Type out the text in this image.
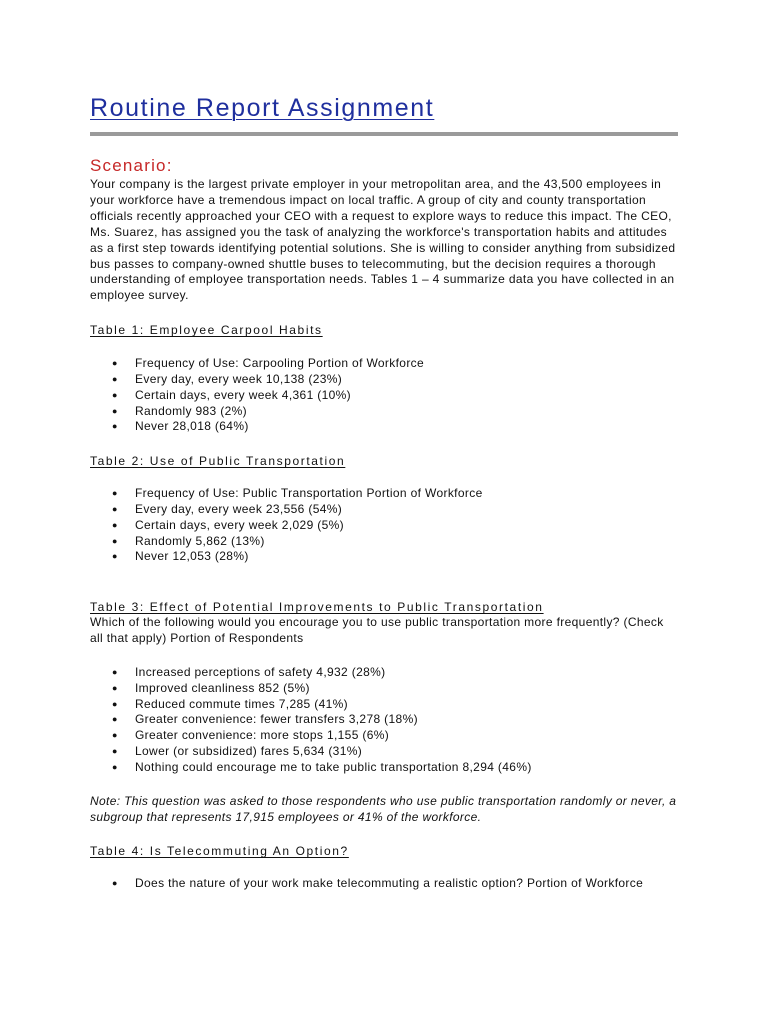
Routine Report Assignment
Scenario:

Your company is the largest private employer in your metropolitan area, and the 43,500 employees in your workforce have a tremendous impact on local traffic. A group of city and county transportation officials recently approached your CEO with a request to explore ways to reduce this impact. The CEO, Ms. Suarez, has assigned you the task of analyzing the workforce's transportation habits and attitudes as a first step towards identifying potential solutions. She is willing to consider anything from subsidized bus passes to company-owned shuttle buses to telecommuting, but the decision requires a thorough understanding of employee transportation needs. Tables 1 – 4 summarize data you have collected in an employee survey.

Table 1: Employee Carpool Habits

● Frequency of Use: Carpooling Portion of Workforce
● Every day, every week 10,138 (23%)
● Certain days, every week 4,361 (10%)
● Randomly 983 (2%)
● Never 28,018 (64%)

Table 2: Use of Public Transportation

● Frequency of Use: Public Transportation Portion of Workforce
● Every day, every week 23,556 (54%)
● Certain days, every week 2,029 (5%)
● Randomly 5,862 (13%)
● Never 12,053 (28%)

Table 3: Effect of Potential Improvements to Public Transportation

Which of the following would you encourage you to use public transportation more frequently? (Check all that apply) Portion of Respondents

● Increased perceptions of safety 4,932 (28%)
● Improved cleanliness 852 (5%)
● Reduced commute times 7,285 (41%)
● Greater convenience: fewer transfers 3,278 (18%)
● Greater convenience: more stops 1,155 (6%)
● Lower (or subsidized) fares 5,634 (31%)
● Nothing could encourage me to take public transportation 8,294 (46%)

Note: This question was asked to those respondents who use public transportation randomly or never, a subgroup that represents 17,915 employees or 41% of the workforce.

Table 4: Is Telecommuting An Option?

● Does the nature of your work make telecommuting a realistic option? Portion of Workforce
